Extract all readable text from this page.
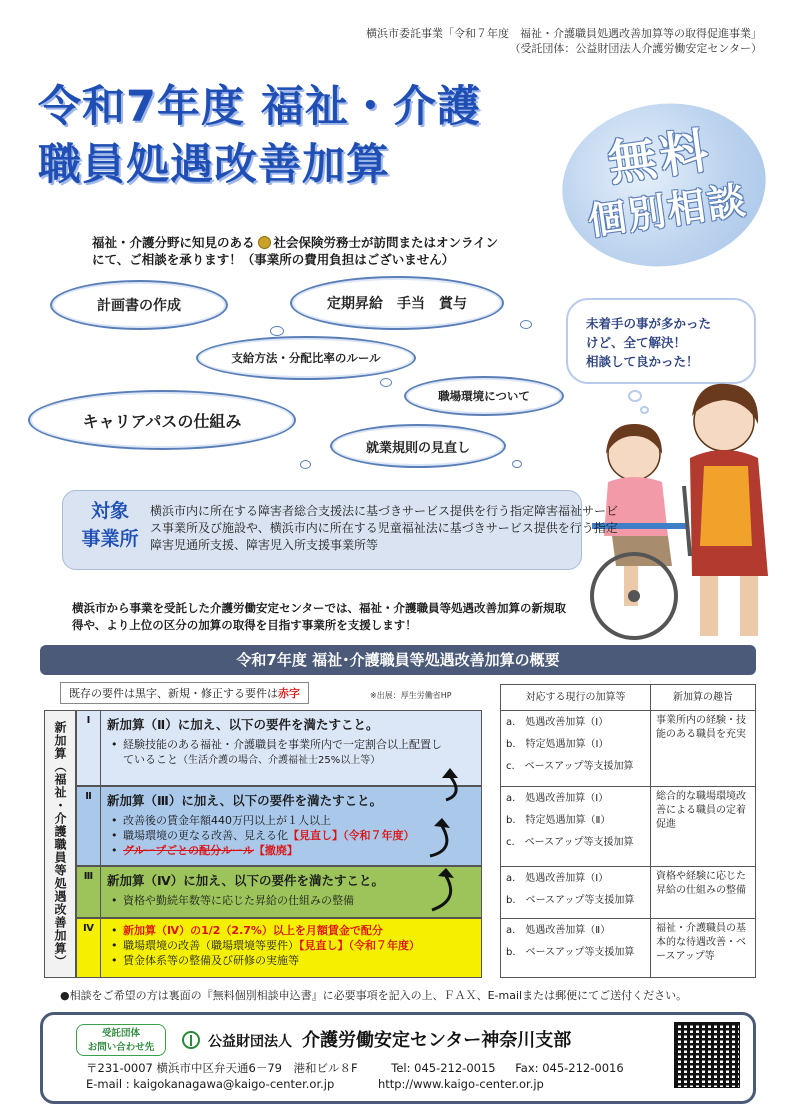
横浜市委託事業「令和７年度　福祉・介護職員処遇改善加算等の取得促進事業」
（受託団体：公益財団法人介護労働安定センター）
令和7年度 福祉・介護
職員処遇改善加算	無料
個別相談
福祉・介護分野に知見のある 社会保険労務士が訪問またはオンライン
にて、ご相談を承ります！（事業所の費用負担はございません）
計画書の作成	定期昇給　手当　賞与
支給方法・分配比率のルール
職場環境について
キャリアパスの仕組み
就業規則の見直し
未着手の事が多かった
けど、全て解決！
相談して良かった！
対象
事業所
横浜市内に所在する障害者総合支援法に基づきサービス提供を行う指定障害福祉サービス事業所及び施設や、横浜市内に所在する児童福祉法に基づきサービス提供を行う指定障害児通所支援、障害児入所支援事業所等
横浜市から事業を受託した介護労働安定センターでは、福祉・介護職員等処遇改善加算の新規取得や、より上位の区分の加算の取得を目指す事業所を支援します！
令和7年度 福祉･介護職員等処遇改善加算の概要
既存の要件は黒字、新規・修正する要件は赤字	※出展：厚生労働省HP
新加算（福祉・介護職員等処遇改善加算）	Ⅰ	新加算（Ⅱ）に加え、以下の要件を満たすこと。
• 経験技能のある福祉・介護職員を事業所内で一定割合以上配置していること（生活介護の場合、介護福祉士25%以上等）
Ⅱ	新加算（Ⅲ）に加え、以下の要件を満たすこと。
• 改善後の賃金年額440万円以上が１人以上
• 職場環境の更なる改善、見える化【見直し】（令和７年度）
• グループごとの配分ルール【撤廃】
Ⅲ	新加算（Ⅳ）に加え、以下の要件を満たすこと。
• 資格や勤続年数等に応じた昇給の仕組みの整備
Ⅳ
•	新加算（Ⅳ）の1/2（2.7%）以上を月額賃金で配分
• 職場環境の改善（職場環境等要件）【見直し】（令和７年度）
• 賃金体系等の整備及び研修の実施等
対応する現行の加算等	新加算の趣旨
a.　処遇改善加算（Ⅰ）
b.　特定処遇加算（Ⅰ）
c.　ベースアップ等支援加算
事業所内の経験・技能のある職員を充実
a.　処遇改善加算（Ⅰ）
b.　特定処遇加算（Ⅱ）
c.　ベースアップ等支援加算
総合的な職場環境改善による職員の定着促進
a.　処遇改善加算（Ⅰ）
b.　ベースアップ等支援加算
資格や経験に応じた昇給の仕組みの整備
a.　処遇改善加算（Ⅱ）
b.　ベースアップ等支援加算
福祉・介護職員の基本的な待遇改善・ベースアップ等
●相談をご希望の方は裏面の『無料個別相談申込書』に必要事項を記入の上、ＦＡＸ、E-mailまたは郵便にてご送付ください。
受託団体
お問い合わせ先	公益財団法人 介護労働安定センター神奈川支部
〒231-0007 横浜市中区弁天通6－79　港和ビル８F	Tel: 045-212-0015 Fax: 045-212-0016
E-mail : kaigokanagawa@kaigo-center.or.jp	http://www.kaigo-center.or.jp
